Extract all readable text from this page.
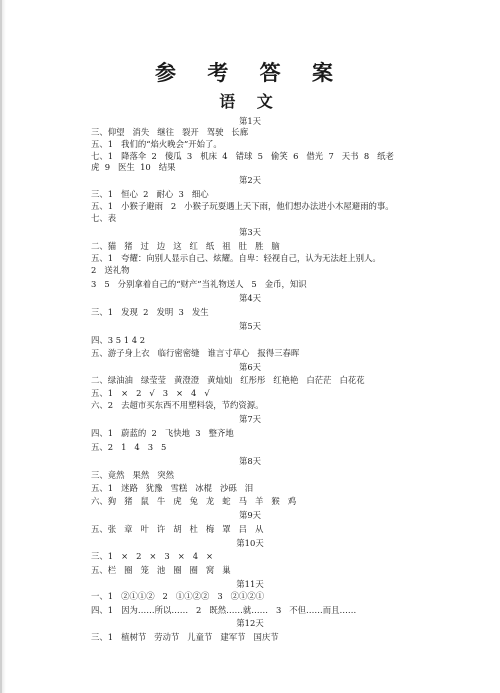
参 考 答 案
语 文
第1天
三、仰望   消失   继往   裂开   驾驶   长廊
五、1   我们的“焰火晚会”开始了。
七、1   降落伞  2   傻瓜  3   机床  4   错球  5   偷笑  6   借光  7   天书  8   纸老
虎  9   医生  10   结果
第2天
三、1   恒心  2   耐心  3   细心
五、1   小猴子避雨   2   小猴子玩耍遇上天下雨，他们想办法进小木屋避雨的事。
七、表
第3天
二、猫   猪   过   边   这   红   纸   祖   肚   胜   脑
五、1   夸耀：向别人显示自己、炫耀。自卑：轻视自己，认为无法赶上别人。
2   送礼物
3   5   分别拿着自己的“财产”当礼物送人   5   金币，知识
第4天
三、1   发现  2   发明  3   发生
第5天
四、3 5 1 4 2
五、游子身上衣   临行密密缝   谁言寸草心   报得三春晖
第6天
二、绿油油   绿莹莹   黄澄澄   黄灿灿   红彤彤   红艳艳   白茫茫   白花花
五、1   ×   2   √   3   ×   4   √
六、2   去超市买东西不用塑料袋，节约资源。
第7天
四、1   蔚蓝的  2   飞快地  3   整齐地
五、2   1   4   3   5
第8天
三、竟然   果然   突然
五、1   迷路   犹豫   雪糕   冰棍   沙砾   泪
六、狗   猪   鼠   牛   虎   兔   龙   蛇   马   羊   猴   鸡
第9天
五、张   章   叶   许   胡   杜   梅   罩   吕   从
第10天
三、1   ×   2   ×   3   ×   4   ×
五、栏   圈   笼   池   圈   圈   窝   巢
第11天
一、1   ②①①②   2   ①①②②   3   ②①②①
四、1   因为……所以……   2   既然……就……   3   不但……而且……
第12天
三、1   植树节   劳动节   儿童节   建军节   国庆节
